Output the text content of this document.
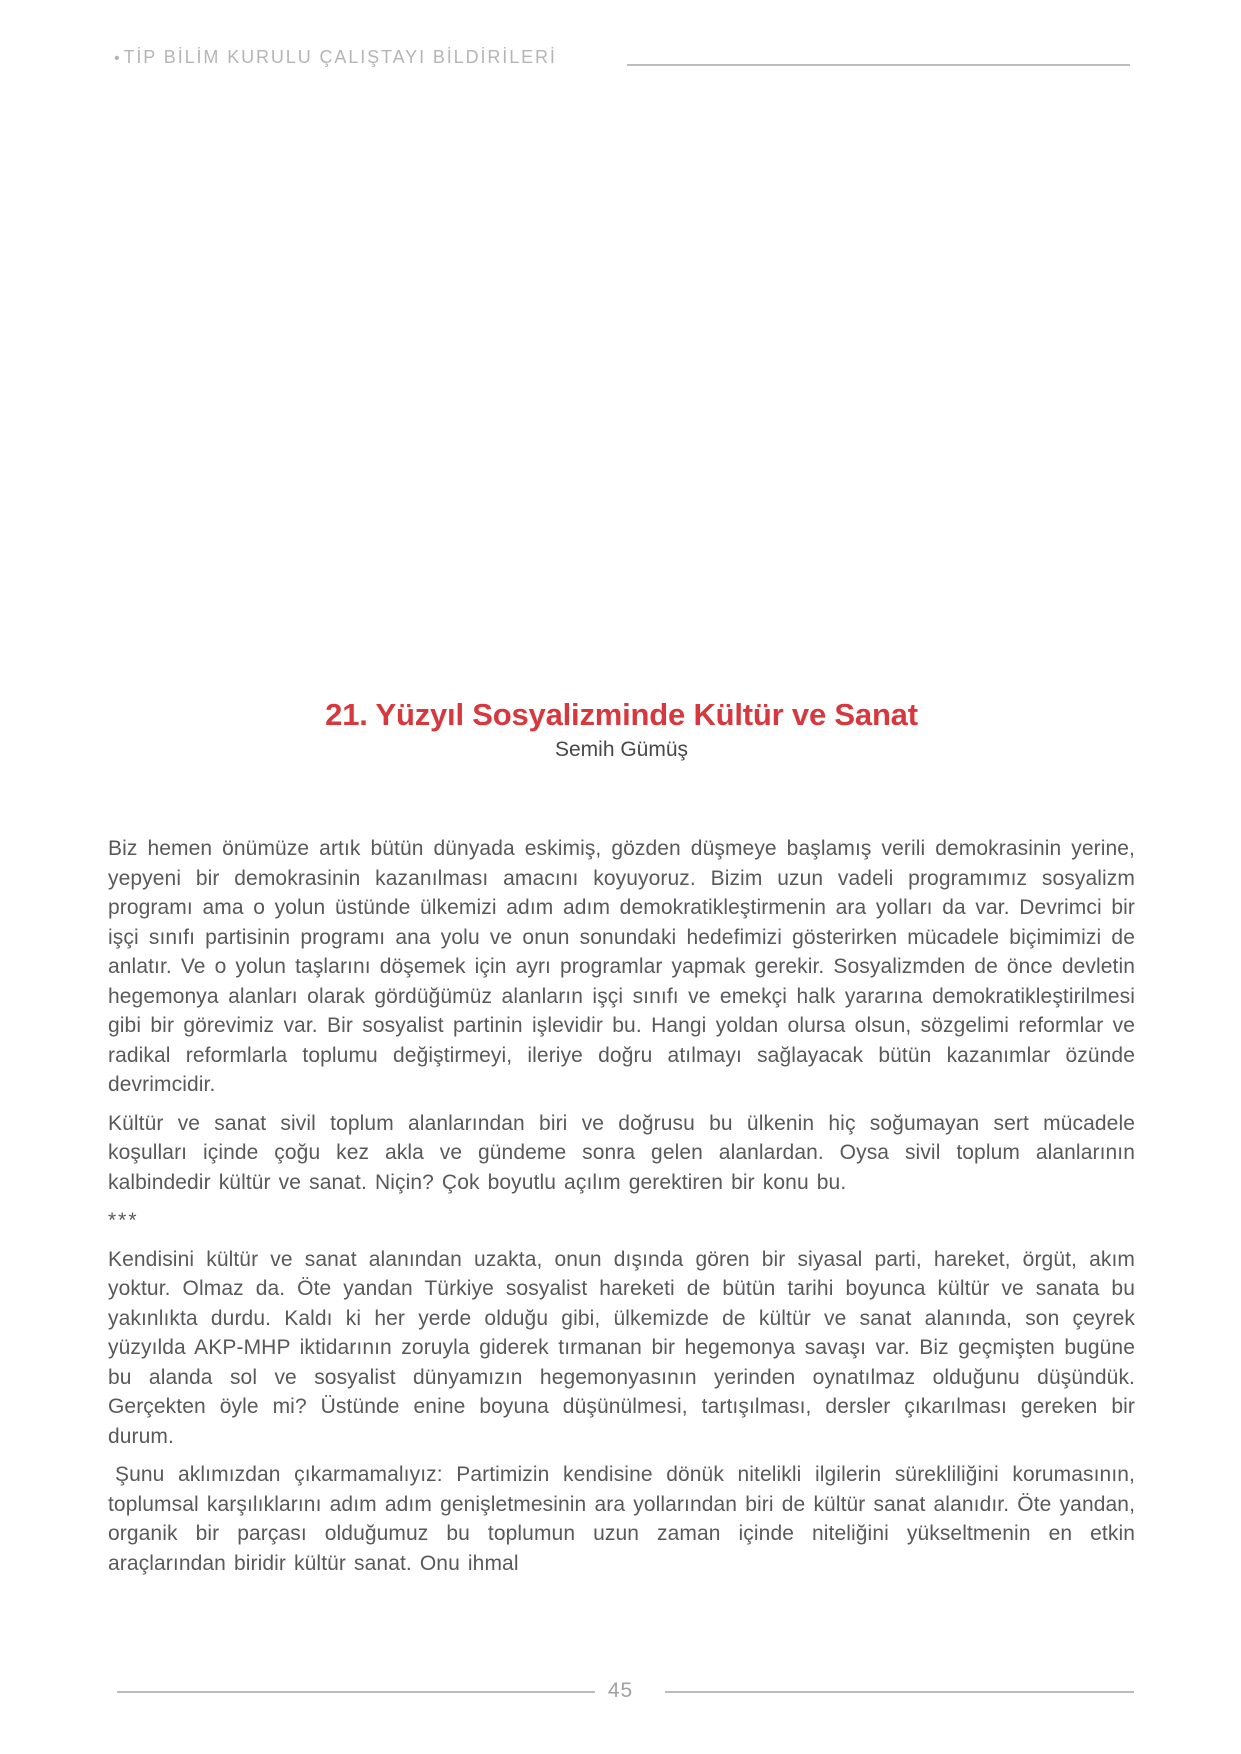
• TİP BİLİM KURULU ÇALIŞTAYI BİLDİRİLERİ
21. Yüzyıl Sosyalizminde Kültür ve Sanat
Semih Gümüş

Biz hemen önümüze artık bütün dünyada eskimiş, gözden düşmeye başlamış verili demokrasinin yerine, yepyeni bir demokrasinin kazanılması amacını koyuyoruz. Bizim uzun vadeli programımız sosyalizm programı ama o yolun üstünde ülkemizi adım adım demokratikleştirmenin ara yolları da var. Devrimci bir işçi sınıfı partisinin programı ana yolu ve onun sonundaki hedefimizi gösterirken mücadele biçimimizi de anlatır. Ve o yolun taşlarını döşemek için ayrı programlar yapmak gerekir. Sosyalizmden de önce devletin hegemonya alanları olarak gördüğümüz alanların işçi sınıfı ve emekçi halk yararına demokratikleştirilmesi gibi bir görevimiz var. Bir sosyalist partinin işlevidir bu. Hangi yoldan olursa olsun, sözgelimi reformlar ve radikal reformlarla toplumu değiştirmeyi, ileriye doğru atılmayı sağlayacak bütün kazanımlar özünde devrimcidir.

Kültür ve sanat sivil toplum alanlarından biri ve doğrusu bu ülkenin hiç soğumayan sert mücadele koşulları içinde çoğu kez akla ve gündeme sonra gelen alanlardan. Oysa sivil toplum alanlarının kalbindedir kültür ve sanat. Niçin? Çok boyutlu açılım gerektiren bir konu bu.

***

Kendisini kültür ve sanat alanından uzakta, onun dışında gören bir siyasal parti, hareket, örgüt, akım yoktur. Olmaz da. Öte yandan Türkiye sosyalist hareketi de bütün tarihi boyunca kültür ve sanata bu yakınlıkta durdu. Kaldı ki her yerde olduğu gibi, ülkemizde de kültür ve sanat alanında, son çeyrek yüzyılda AKP-MHP iktidarının zoruyla giderek tırmanan bir hegemonya savaşı var. Biz geçmişten bugüne bu alanda sol ve sosyalist dünyamızın hegemonyasının yerinden oynatılmaz olduğunu düşündük. Gerçekten öyle mi? Üstünde enine boyuna düşünülmesi, tartışılması, dersler çıkarılması gereken bir durum.

Şunu aklımızdan çıkarmamalıyız: Partimizin kendisine dönük nitelikli ilgilerin sürekliliğini korumasının, toplumsal karşılıklarını adım adım genişletmesinin ara yollarından biri de kültür sanat alanıdır. Öte yandan, organik bir parçası olduğumuz bu toplumun uzun zaman içinde niteliğini yükseltmenin en etkin araçlarından biridir kültür sanat. Onu ihmal

45
